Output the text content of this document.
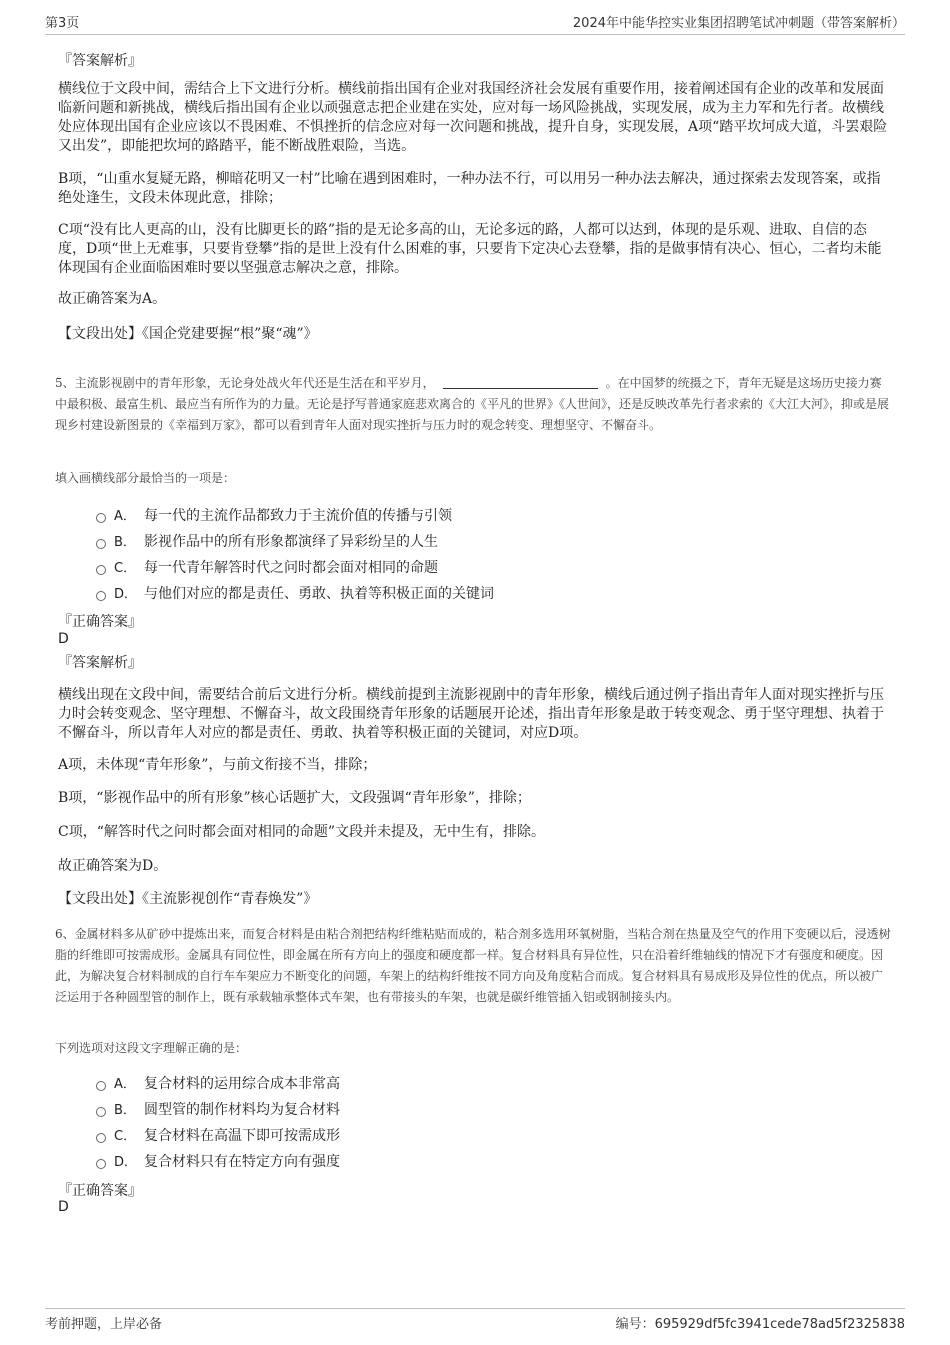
第3页	2024年中能华控实业集团招聘笔试冲刺题（带答案解析）
『答案解析』

横线位于文段中间，需结合上下文进行分析。横线前指出国有企业对我国经济社会发展有重要作用，接着阐述国有企业的改革和发展面临新问题和新挑战，横线后指出国有企业以顽强意志把企业建在实处，应对每一场风险挑战，实现发展，成为主力军和先行者。故横线处应体现出国有企业应该以不畏困难、不惧挫折的信念应对每一次问题和挑战，提升自身，实现发展，A项“踏平坎坷成大道，斗罢艰险又出发”，即能把坎坷的路踏平，能不断战胜艰险，当选。

B项，“山重水复疑无路，柳暗花明又一村”比喻在遇到困难时，一种办法不行，可以用另一种办法去解决，通过探索去发现答案，或指绝处逢生，文段未体现此意，排除；

C项“没有比人更高的山，没有比脚更长的路”指的是无论多高的山，无论多远的路，人都可以达到，体现的是乐观、进取、自信的态度，D项“世上无难事，只要肯登攀”指的是世上没有什么困难的事，只要肯下定决心去登攀，指的是做事情有决心、恒心，二者均未能体现国有企业面临困难时要以坚强意志解决之意，排除。

故正确答案为A。

【文段出处】《国企党建要握“根”聚“魂”》

5、主流影视剧中的青年形象，无论身处战火年代还是生活在和平岁月，	。在中国梦的统摄之下，青年无疑是这场历史接力赛中最积极、最富生机、最应当有所作为的力量。无论是抒写普通家庭悲欢离合的《平凡的世界》《人世间》，还是反映改革先行者求索的《大江大河》，抑或是展现乡村建设新图景的《幸福到万家》，都可以看到青年人面对现实挫折与压力时的观念转变、理想坚守、不懈奋斗。
填入画横线部分最恰当的一项是：
A． 每一代的主流作品都致力于主流价值的传播与引领
B． 影视作品中的所有形象都演绎了异彩纷呈的人生
C． 每一代青年解答时代之问时都会面对相同的命题
D． 与他们对应的都是责任、勇敢、执着等积极正面的关键词
『正确答案』
D
『答案解析』

横线出现在文段中间，需要结合前后文进行分析。横线前提到主流影视剧中的青年形象，横线后通过例子指出青年人面对现实挫折与压力时会转变观念、坚守理想、不懈奋斗，故文段围绕青年形象的话题展开论述，指出青年形象是敢于转变观念、勇于坚守理想、执着于不懈奋斗，所以青年人对应的都是责任、勇敢、执着等积极正面的关键词，对应D项。

A项，未体现“青年形象”，与前文衔接不当，排除；

B项，“影视作品中的所有形象”核心话题扩大，文段强调“青年形象”，排除；

C项，“解答时代之问时都会面对相同的命题”文段并未提及，无中生有，排除。

故正确答案为D。

【文段出处】《主流影视创作“青春焕发”》

6、金属材料多从矿砂中提炼出来，而复合材料是由粘合剂把结构纤维粘贴而成的，粘合剂多选用环氧树脂，当粘合剂在热量及空气的作用下变硬以后，浸透树脂的纤维即可按需成形。金属具有同位性，即金属在所有方向上的强度和硬度都一样。复合材料具有异位性，只在沿着纤维轴线的情况下才有强度和硬度。因此，为解决复合材料制成的自行车车架应力不断变化的问题，车架上的结构纤维按不同方向及角度粘合而成。复合材料具有易成形及异位性的优点，所以被广泛运用于各种圆型管的制作上，既有承载轴承整体式车架，也有带接头的车架，也就是碳纤维管插入铝或钢制接头内。
下列选项对这段文字理解正确的是：
A． 复合材料的运用综合成本非常高
B． 圆型管的制作材料均为复合材料
C． 复合材料在高温下即可按需成形
D． 复合材料只有在特定方向有强度
『正确答案』
D
考前押题，上岸必备	编号：695929df5fc3941cede78ad5f2325838
